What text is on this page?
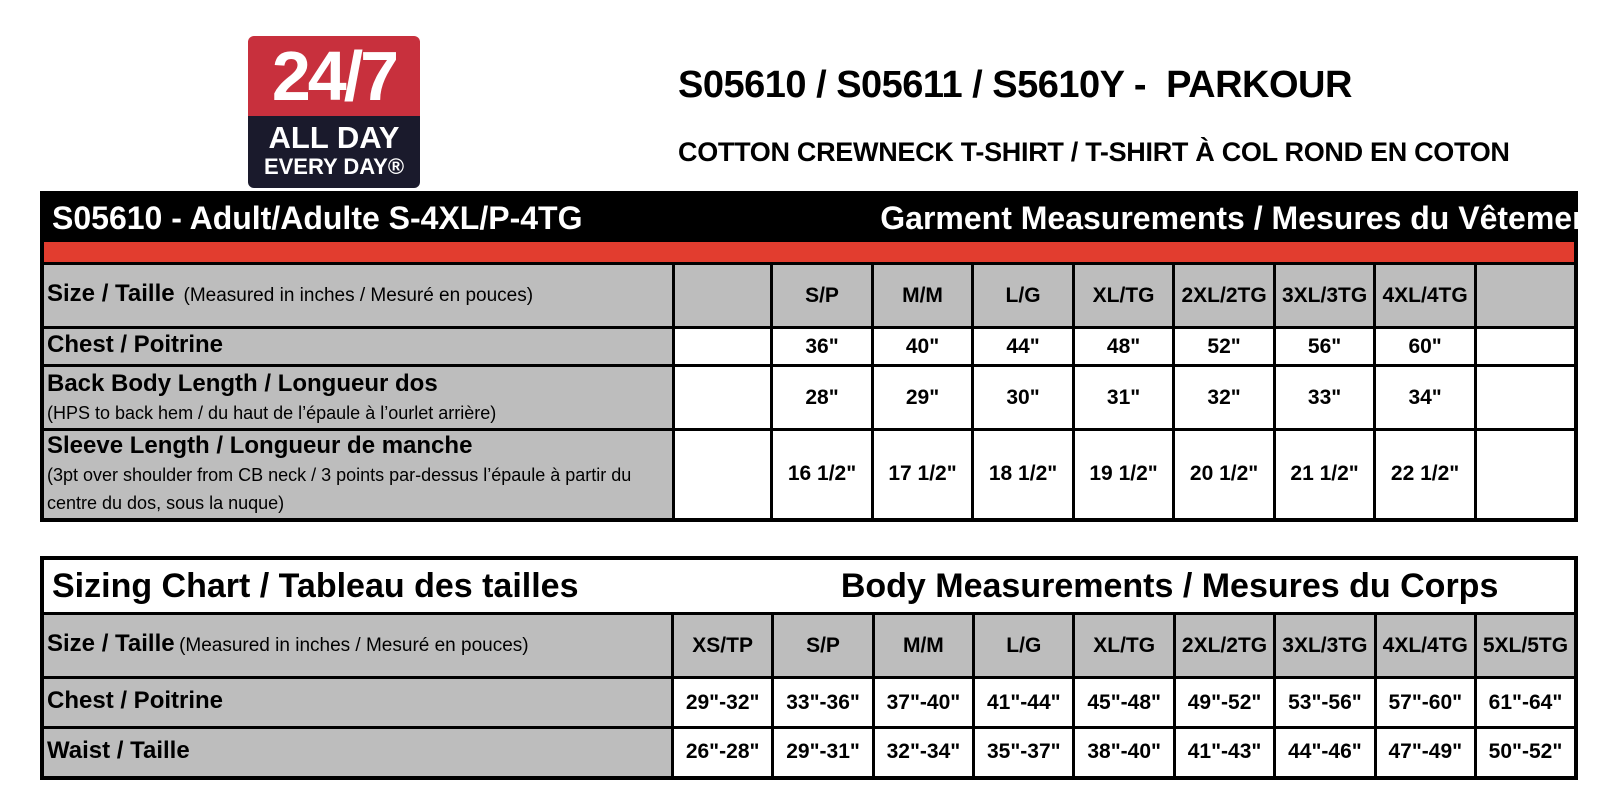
24/7
ALL DAY
EVERY DAY®
S05610 / S05611 / S5610Y -  PARKOUR
COTTON CREWNECK T-SHIRT / T-SHIRT À COL ROND EN COTON
S05610 - Adult/Adulte S-4XL/P-4TG			Garment Measurements / Mesures du Vêtement						

Size / Taille (Measured in inches / Mesuré en pouces)		S/P	M/M	L/G	XL/TG	2XL/2TG	3XL/3TG	4XL/4TG	
Chest / Poitrine		36"	40"	44"	48"	52"	56"	60"	

Back Body Length / Longueur dos
(HPS to back hem / du haut de l’épaule à l’ourlet arrière)		28"	29"	30"	31"	32"	33"	34"	

Sleeve Length / Longueur de manche
(3pt over shoulder from CB neck / 3 points par-dessus l’épaule à partir du centre du dos, sous la nuque)		16 1/2"	17 1/2"	18 1/2"	19 1/2"	20 1/2"	21 1/2"	22 1/2"	
Sizing Chart / Tableau des tailles		Body Measurements / Mesures du Corps							
Size / Taille (Measured in inches / Mesuré en pouces)	XS/TP	S/P	M/M	L/G	XL/TG	2XL/2TG	3XL/3TG	4XL/4TG	5XL/5TG
Chest / Poitrine	29"-32"	33"-36"	37"-40"	41"-44"	45"-48"	49"-52"	53"-56"	57"-60"	61"-64"
Waist / Taille	26"-28"	29"-31"	32"-34"	35"-37"	38"-40"	41"-43"	44"-46"	47"-49"	50"-52"
